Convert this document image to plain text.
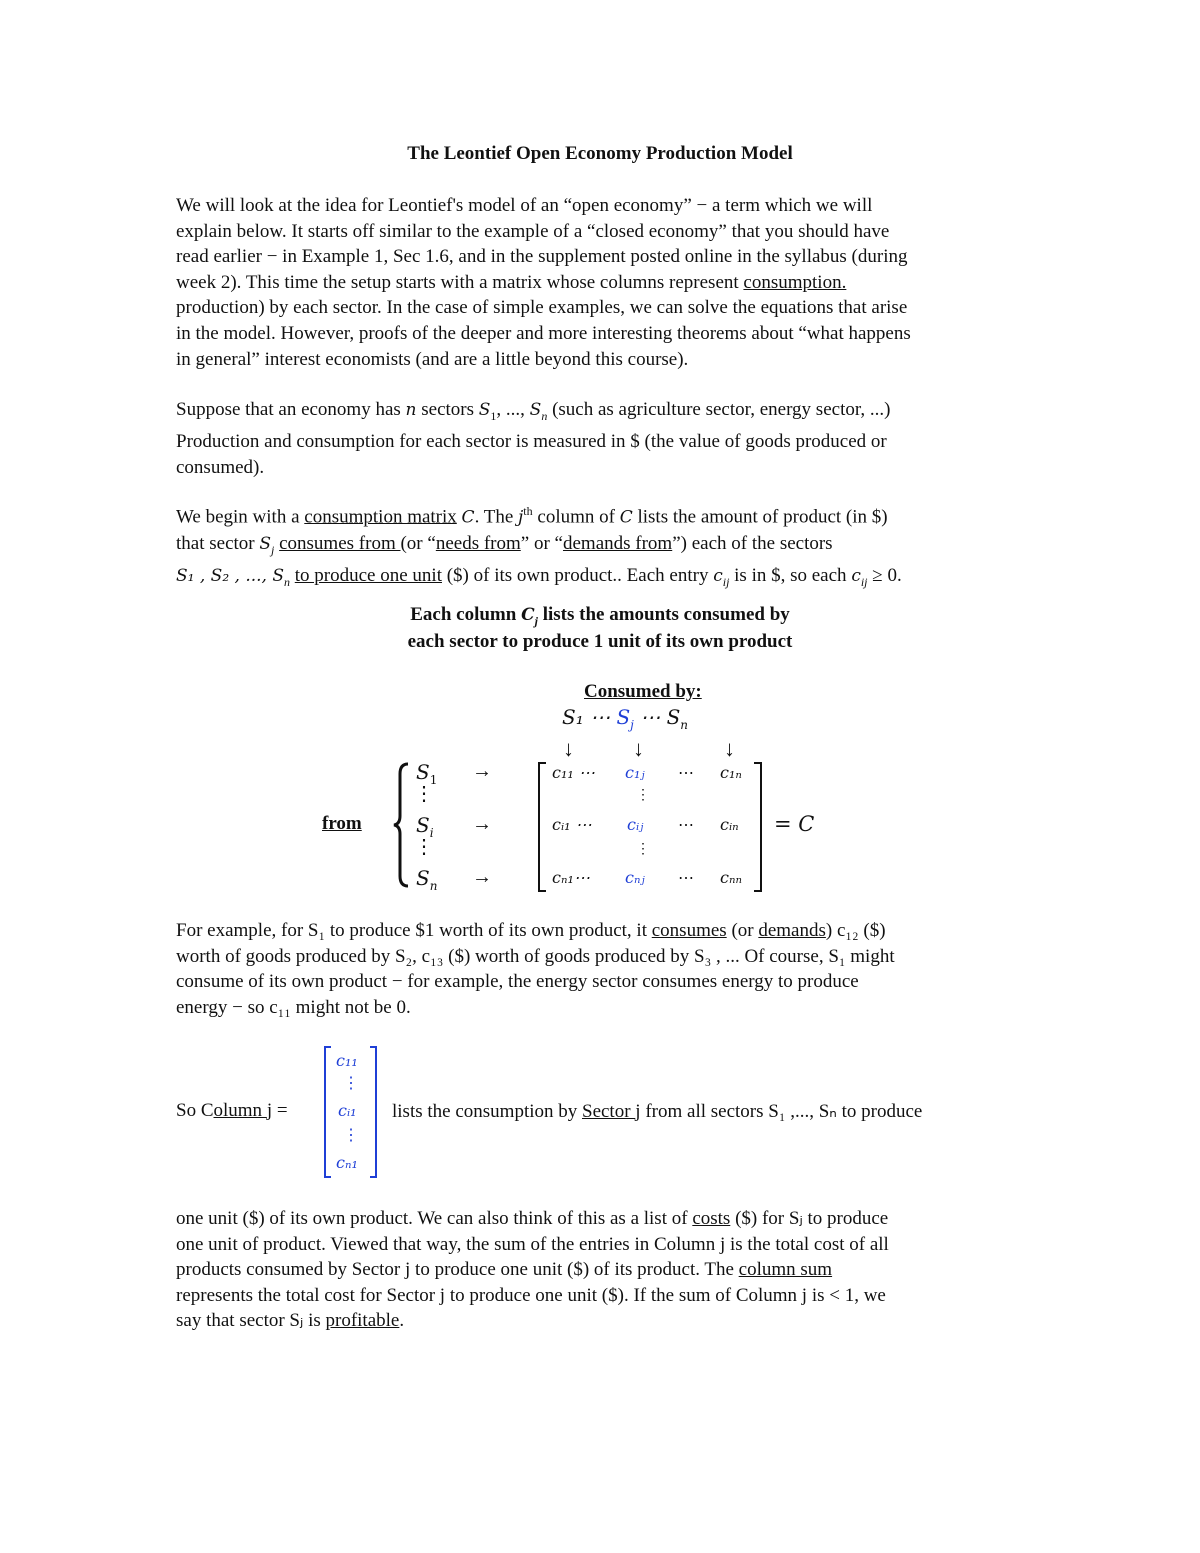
The Leontief Open Economy Production Model
We will look at the idea for Leontief's model of an “open economy” − a term which we will
explain below. It starts off similar to the example of a “closed economy” that you should have
read earlier − in Example 1, Sec 1.6, and in the supplement posted online in the syllabus (during
week 2). This time the setup starts with a matrix whose columns represent consumption.
production) by each sector. In the case of simple examples, we can solve the equations that arise
in the model. However, proofs of the deeper and more interesting theorems about “what happens
in general” interest economists (and are a little beyond this course).
Suppose that an economy has n sectors $S_1$, ..., $S_n$ (such as agriculture sector, energy sector, ...)
Production and consumption for each sector is measured in $ (the value of goods produced or
consumed).
We begin with a consumption matrix C. The $j^{th}$ column of C lists the amount of product (in $)
that sector $S_j$ consumes from (or “needs from” or “demands from”) each of the sectors
S₁ , S₂ , ..., $S_n$ to produce one unit ($) of its own product.. Each entry $c_{ij}$ is in $, so each $c_{ij} \ge 0$.
Each column $C_j$ lists the amounts consumed by
each sector to produce 1 unit of its own product
Consumed by:
S₁ ⋯ $S_j$ ⋯ $S_n$
↓	↓	↓
from
$S_1$
⋮
$S_i$
⋮
$S_n$
→
→
→
c₁₁ ⋯ c₁ⱼ ⋯ c₁ₙ
⋮
cᵢ₁ ⋯ cᵢⱼ ⋯ cᵢₙ
⋮
cₙ₁⋯ cₙⱼ ⋯ cₙₙ
= C
For example, for S₁ to produce $1 worth of its own product, it consumes (or demands) c₁₂ ($)
worth of goods produced by S₂, c₁₃ ($) worth of goods produced by S₃ , ... Of course, S₁ might
consume of its own product − for example, the energy sector consumes energy to produce
energy − so c₁₁ might not be 0.
So Column j =
c₁₁
⋮
cᵢ₁
⋮
cₙ₁
lists the consumption by Sector j from all sectors S₁ ,..., Sₙ to produce
one unit ($) of its own product. We can also think of this as a list of costs ($) for Sⱼ to produce
one unit of product. Viewed that way, the sum of the entries in Column j is the total cost of all
products consumed by Sector j to produce one unit ($) of its product. The column sum
represents the total cost for Sector j to produce one unit ($). If the sum of Column j is < 1, we
say that sector Sⱼ is profitable.
